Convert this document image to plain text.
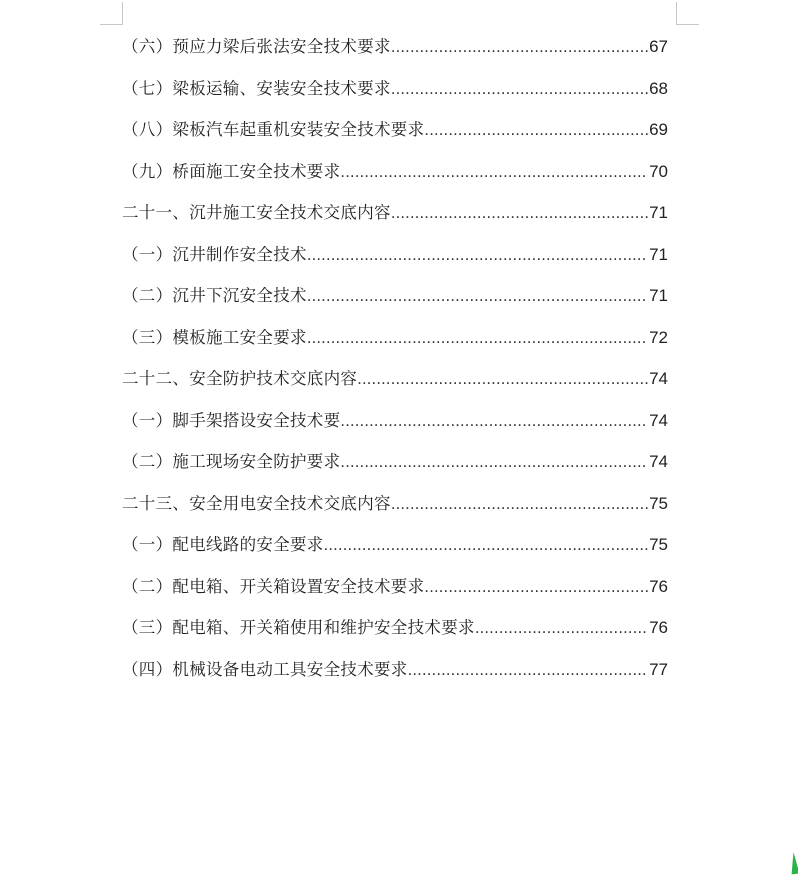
（六）预应力梁后张法安全技术要求 .....	67
（七）梁板运输、安装安全技术要求 .....	68
（八）梁板汽车起重机安装安全技术要求 .....	69
（九）桥面施工安全技术要求 .....	70
二十一、沉井施工安全技术交底内容 .....	71
（一）沉井制作安全技术 .....	71
（二）沉井下沉安全技术 .....	71
（三）模板施工安全要求 .....	72
二十二、安全防护技术交底内容 .....	74
（一）脚手架搭设安全技术要 .....	74
（二）施工现场安全防护要求 .....	74
二十三、安全用电安全技术交底内容 .....	75
（一）配电线路的安全要求 .....	75
（二）配电箱、开关箱设置安全技术要求 .....	76
（三）配电箱、开关箱使用和维护安全技术要求 .....	76
（四）机械设备电动工具安全技术要求 .....	77
